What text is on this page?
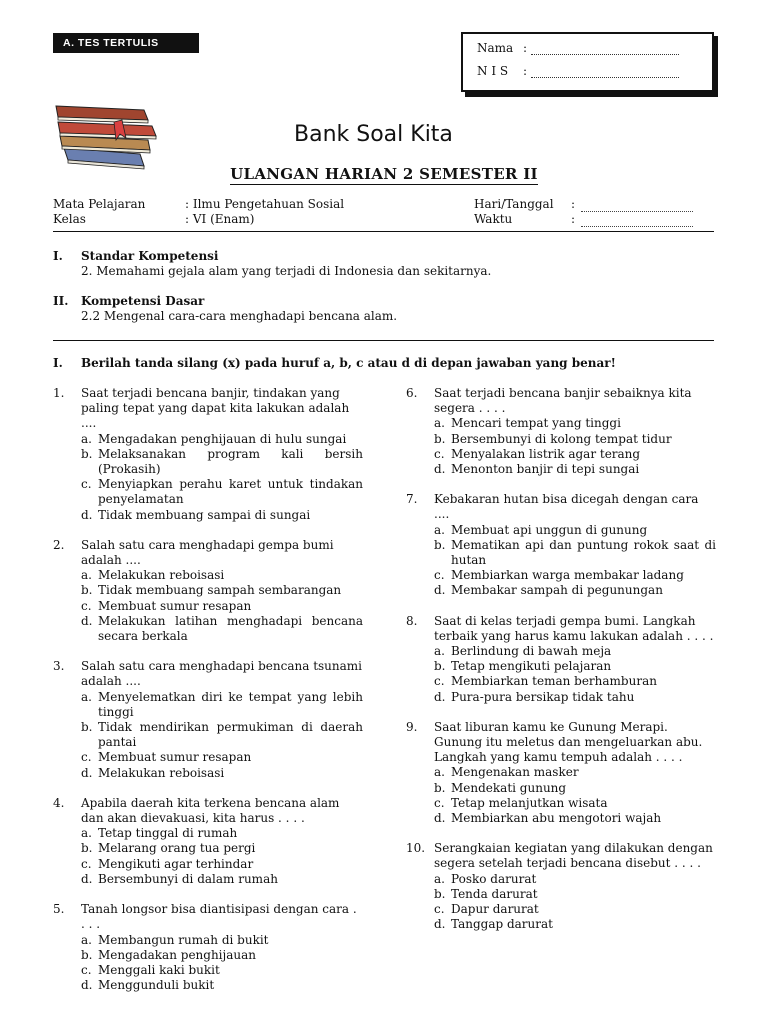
A. TES TERTULIS	Nama :
N I S :
Bank Soal Kita
ULANGAN HARIAN 2 SEMESTER II
Mata Pelajaran	: Ilmu Pengetahuan Sosial
Kelas	: VI (Enam)
Hari/Tanggal :
Waktu	:
I. Standar Kompetensi
2. Memahami gejala alam yang terjadi di Indonesia dan sekitarnya.
II. Kompetensi Dasar
2.2 Mengenal cara-cara menghadapi bencana alam.
I. Berilah tanda silang (x) pada huruf a, b, c atau d di depan jawaban yang benar!
1. Saat terjadi bencana banjir, tindakan yang paling tepat yang dapat kita lakukan adalah ....
a. Mengadakan penghijauan di hulu sungai
b. Melaksanakan program kali bersih (Prokasih)
c. Menyiapkan perahu karet untuk tindakan penyelamatan
d. Tidak membuang sampai di sungai
2. Salah satu cara menghadapi gempa bumi adalah ....
a. Melakukan reboisasi
b. Tidak membuang sampah sembarangan
c. Membuat sumur resapan
d. Melakukan latihan menghadapi bencana secara berkala
3. Salah satu cara menghadapi bencana tsunami adalah ....
a. Menyelematkan diri ke tempat yang lebih tinggi
b. Tidak mendirikan permukiman di daerah pantai
c. Membuat sumur resapan
d. Melakukan reboisasi
4. Apabila daerah kita terkena bencana alam dan akan dievakuasi, kita harus . . . .
a. Tetap tinggal di rumah
b. Melarang orang tua pergi
c. Mengikuti agar terhindar
d. Bersembunyi di dalam rumah
5. Tanah longsor bisa diantisipasi dengan cara . . . .
a. Membangun rumah di bukit
b. Mengadakan penghijauan
c. Menggali kaki bukit
d. Menggunduli bukit
6. Saat terjadi bencana banjir sebaiknya kita segera . . . .
a. Mencari tempat yang tinggi
b. Bersembunyi di kolong tempat tidur
c. Menyalakan listrik agar terang
d. Menonton banjir di tepi sungai
7. Kebakaran hutan bisa dicegah dengan cara ....
a. Membuat api unggun di gunung
b. Mematikan api dan puntung rokok saat di hutan
c. Membiarkan warga membakar ladang
d. Membakar sampah di pegunungan
8. Saat di kelas terjadi gempa bumi. Langkah terbaik yang harus kamu lakukan adalah . . . .
a. Berlindung di bawah meja
b. Tetap mengikuti pelajaran
c. Membiarkan teman berhamburan
d. Pura-pura bersikap tidak tahu
9. Saat liburan kamu ke Gunung Merapi. Gunung itu meletus dan mengeluarkan abu. Langkah yang kamu tempuh adalah . . . .
a. Mengenakan masker
b. Mendekati gunung
c. Tetap melanjutkan wisata
d. Membiarkan abu mengotori wajah
10. Serangkaian kegiatan yang dilakukan dengan segera setelah terjadi bencana disebut . . . .
a. Posko darurat
b. Tenda darurat
c. Dapur darurat
d. Tanggap darurat
